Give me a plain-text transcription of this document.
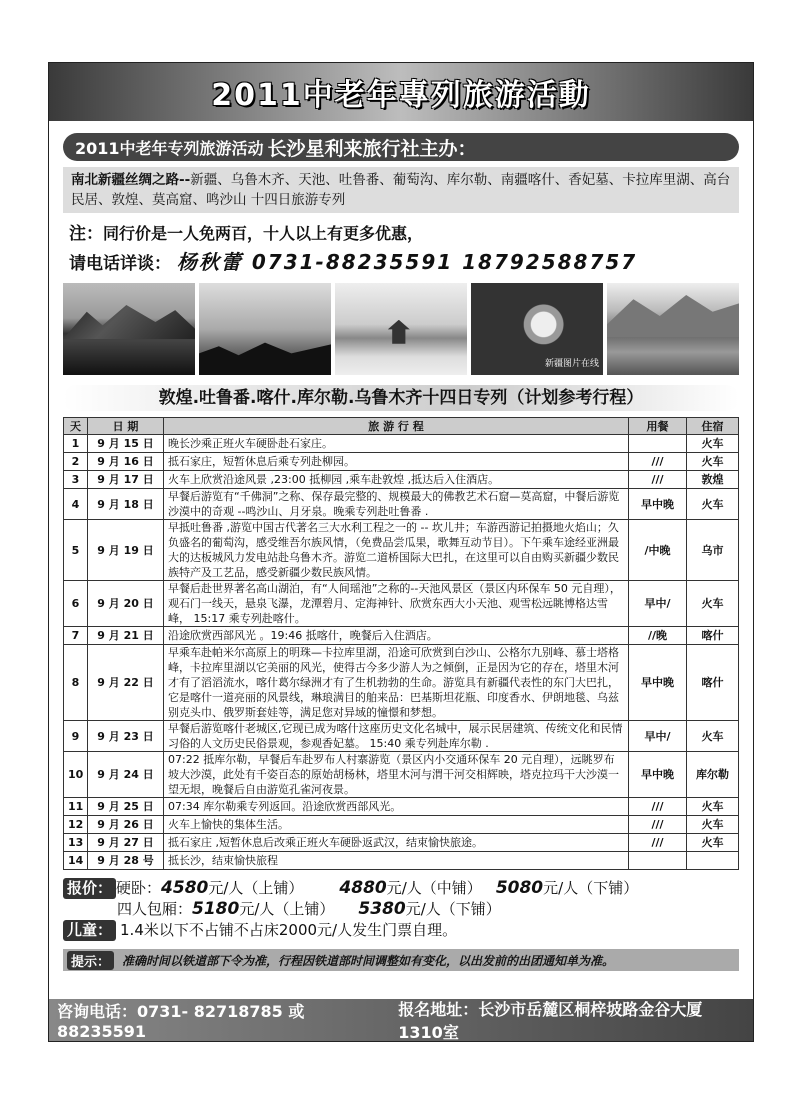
2011中老年專列旅游活動
2011中老年专列旅游活动 长沙星利来旅行社主办：
南北新疆丝绸之路--新疆、乌鲁木齐、天池、吐鲁番、葡萄沟、库尔勒、南疆喀什、香妃墓、卡拉库里湖、高台民居、敦煌、莫高窟、鸣沙山 十四日旅游专列
注：同行价是一人免两百，十人以上有更多优惠，
请电话详谈： 杨秋蕾 0731-88235591 18792588757
新疆图片在线
敦煌.吐鲁番.喀什.库尔勒.乌鲁木齐十四日专列（计划参考行程）
天	日 期	旅 游 行 程	用餐	住宿
1	9 月 15 日	晚长沙乘正班火车硬卧赴石家庄。		火车
2	9 月 16 日	抵石家庄，短暂休息后乘专列赴柳园。	///	火车
3	9 月 17 日	火车上欣赏沿途风景 ,23:00 抵柳园 ,乘车赴敦煌 ,抵达后入住酒店。	///	敦煌
4	9 月 18 日	早餐后游览有“千佛洞”之称、保存最完整的、规模最大的佛教艺术石窟—莫高窟，中餐后游览沙漠中的奇观 --鸣沙山、月牙泉。晚乘专列赴吐鲁番 .	早中晚	火车
5	9 月 19 日	早抵吐鲁番 ,游览中国古代著名三大水利工程之一的 -- 坎儿井；车游西游记拍摄地火焰山；久负盛名的葡萄沟，感受维吾尔族风情，（免费品尝瓜果，歌舞互动节目）。下午乘车途经亚洲最大的达板城风力发电站赴乌鲁木齐。游览二道桥国际大巴扎，在这里可以自由购买新疆少数民族特产及工艺品，感受新疆少数民族风情。	/中晚	乌市
6	9 月 20 日	早餐后赴世界著名高山湖泊，有“人间瑶池”之称的--天池风景区（景区内环保车 50 元自理），观石门一线天，悬泉飞瀑，龙潭碧月、定海神针、欣赏东西大小天池、观雪松远眺博格达雪峰， 15:17 乘专列赴喀什。	早中/	火车
7	9 月 21 日	沿途欣赏西部风光 。19:46 抵喀什，晚餐后入住酒店。	//晚	喀什
8	9 月 22 日	早乘车赴帕米尔高原上的明珠—卡拉库里湖，沿途可欣赏到白沙山、公格尔九别峰、慕士塔格峰，卡拉库里湖以它美丽的风光，使得古今多少游人为之倾倒，正是因为它的存在，塔里木河才有了滔滔流水，喀什葛尔绿洲才有了生机勃勃的生命。游览具有新疆代表性的东门大巴扎，它是喀什一道亮丽的风景线，琳琅满目的舶来品：巴基斯坦花瓶、印度香水、伊朗地毯、乌兹别克头巾、俄罗斯套娃等，满足您对异域的憧憬和梦想。	早中晚	喀什
9	9 月 23 日	早餐后游览喀什老城区,它现已成为喀什这座历史文化名城中，展示民居建筑、传统文化和民情习俗的人文历史民俗景观，参观香妃墓。 15:40 乘专列赴库尔勒 .	早中/	火车
10	9 月 24 日	07:22 抵库尔勒，早餐后车赴罗布人村寨游览（景区内小交通环保车 20 元自理），远眺罗布坡大沙漠，此处有千姿百态的原始胡杨林，塔里木河与渭干河交相辉映，塔克拉玛干大沙漠一望无垠，晚餐后自由游览孔雀河夜景。	早中晚	库尔勒
11	9 月 25 日	07:34 库尔勒乘专列返回。沿途欣赏西部风光。	///	火车
12	9 月 26 日	火车上愉快的集体生活。	///	火车
13	9 月 27 日	抵石家庄 ,短暂休息后改乘正班火车硬卧返武汉，结束愉快旅途。	///	火车
14	9 月 28 号	抵长沙，结束愉快旅程		
报价： 硬卧： 4580 元/人（上铺） 4880 元/人（中铺） 5080 元/人（下铺）
四人包厢： 5180 元/人（上铺） 5380 元/人（下铺）
儿童： 1.4米以下不占铺不占床2000元/人发生门票自理。
提示：	准确时间以铁道部下令为准，行程因铁道部时间调整如有变化，以出发前的出团通知单为准。
咨询电话：0731- 82718785 或 88235591
报名地址：长沙市岳麓区桐梓坡路金谷大厦1310室
